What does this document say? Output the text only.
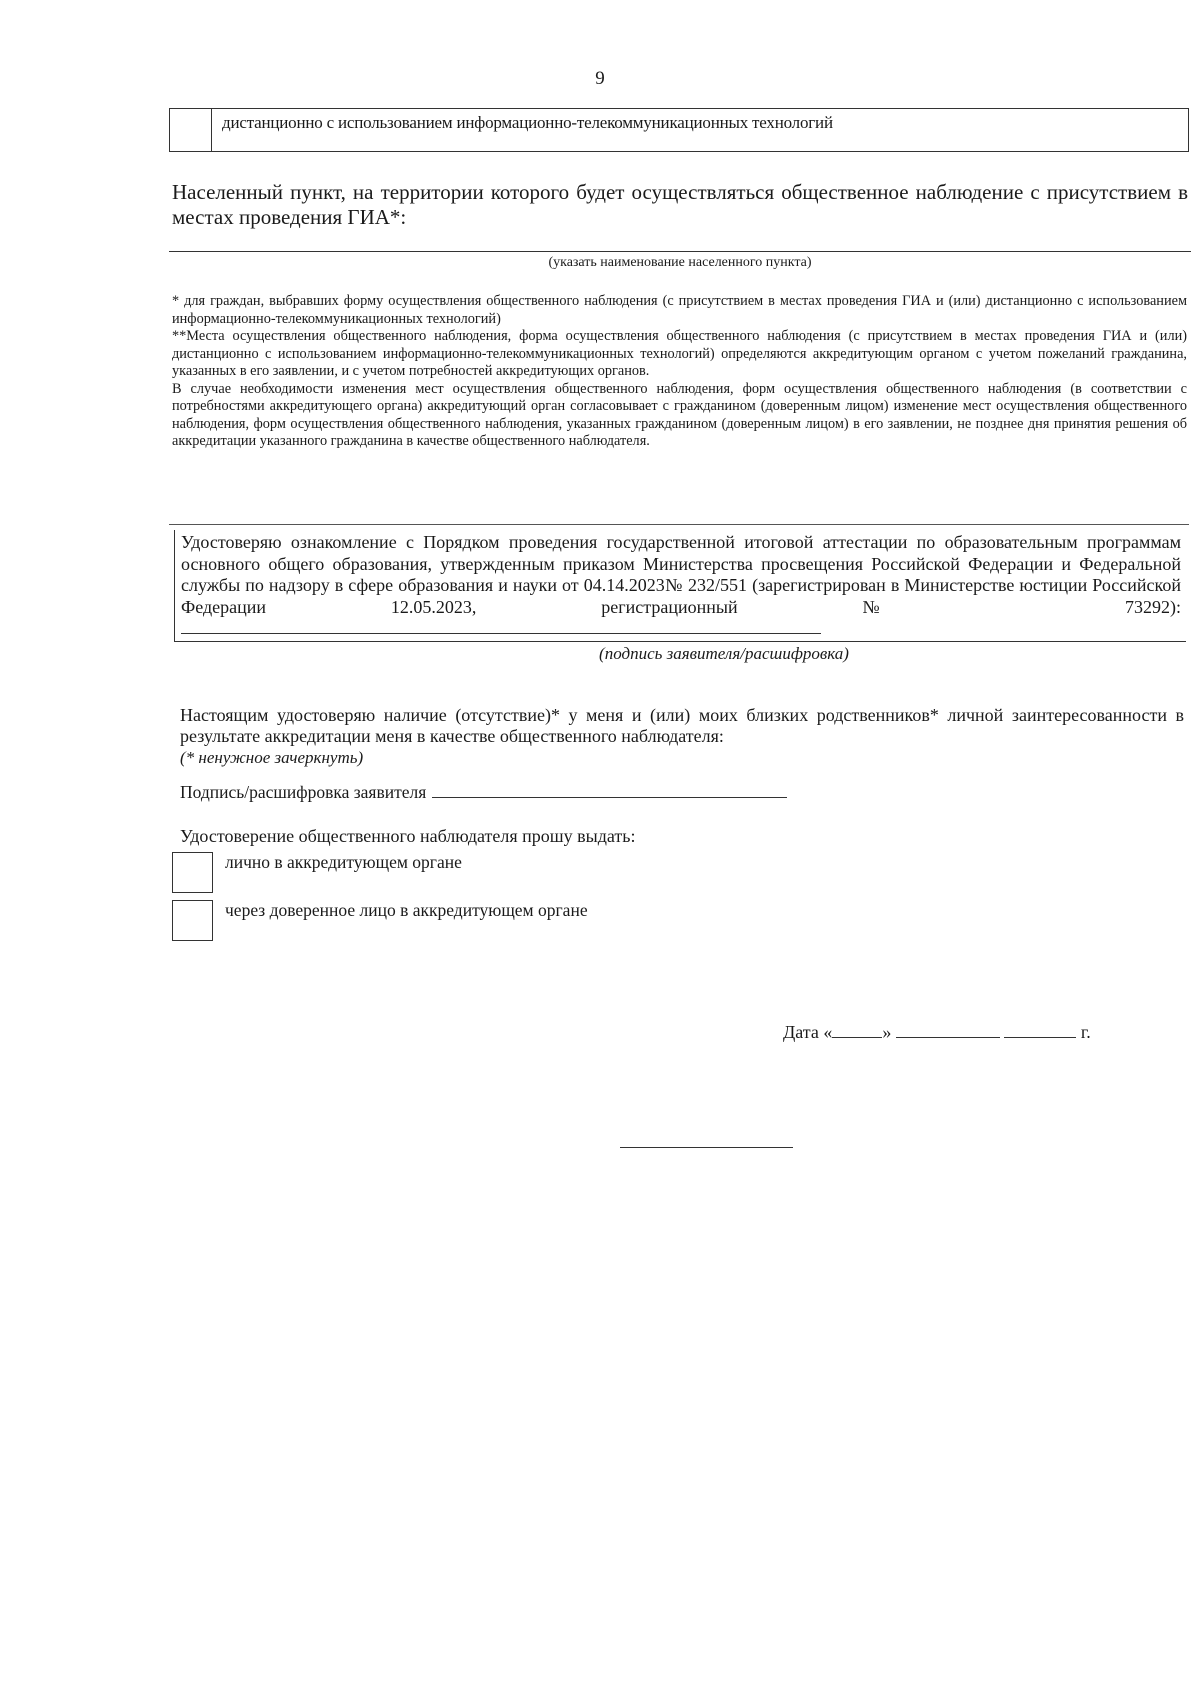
9
дистанционно с использованием информационно-телекоммуникационных технологий
Населенный пункт, на территории которого будет осуществляться общественное наблюдение с присутствием в местах проведения ГИА*:
(указать наименование населенного пункта)

* для граждан, выбравших форму осуществления общественного наблюдения (с присутствием в местах проведения ГИА и (или) дистанционно с использованием информационно-телекоммуникационных технологий)

**Места осуществления общественного наблюдения, форма осуществления общественного наблюдения (с присутствием в местах проведения ГИА и (или) дистанционно с использованием информационно-телекоммуникационных технологий) определяются аккредитующим органом с учетом пожеланий гражданина, указанных в его заявлении, и с учетом потребностей аккредитующих органов.

В случае необходимости изменения мест осуществления общественного наблюдения, форм осуществления общественного наблюдения (в соответствии с потребностями аккредитующего органа) аккредитующий орган согласовывает с гражданином (доверенным лицом) изменение мест осуществления общественного наблюдения, форм осуществления общественного наблюдения, указанных гражданином (доверенным лицом) в его заявлении, не позднее дня принятия решения об аккредитации указанного гражданина в качестве общественного наблюдателя.

Удостоверяю ознакомление с Порядком проведения государственной итоговой аттестации по образовательным программам основного общего образования, утвержденным приказом Министерства просвещения Российской Федерации и Федеральной службы по надзору в сфере образования и науки от 04.14.2023№ 232/551 (зарегистрирован в Министерстве юстиции Российской Федерации 12.05.2023, регистрационный № 73292):
(подпись заявителя/расшифровка)
Настоящим удостоверяю наличие (отсутствие)* у меня и (или) моих близких родственников* личной заинтересованности в результате аккредитации меня в качестве общественного наблюдателя:
(* ненужное зачеркнуть)
Подпись/расшифровка заявителя
Удостоверение общественного наблюдателя прошу выдать:
лично в аккредитующем органе
через доверенное лицо в аккредитующем органе
Дата «	»	г.
